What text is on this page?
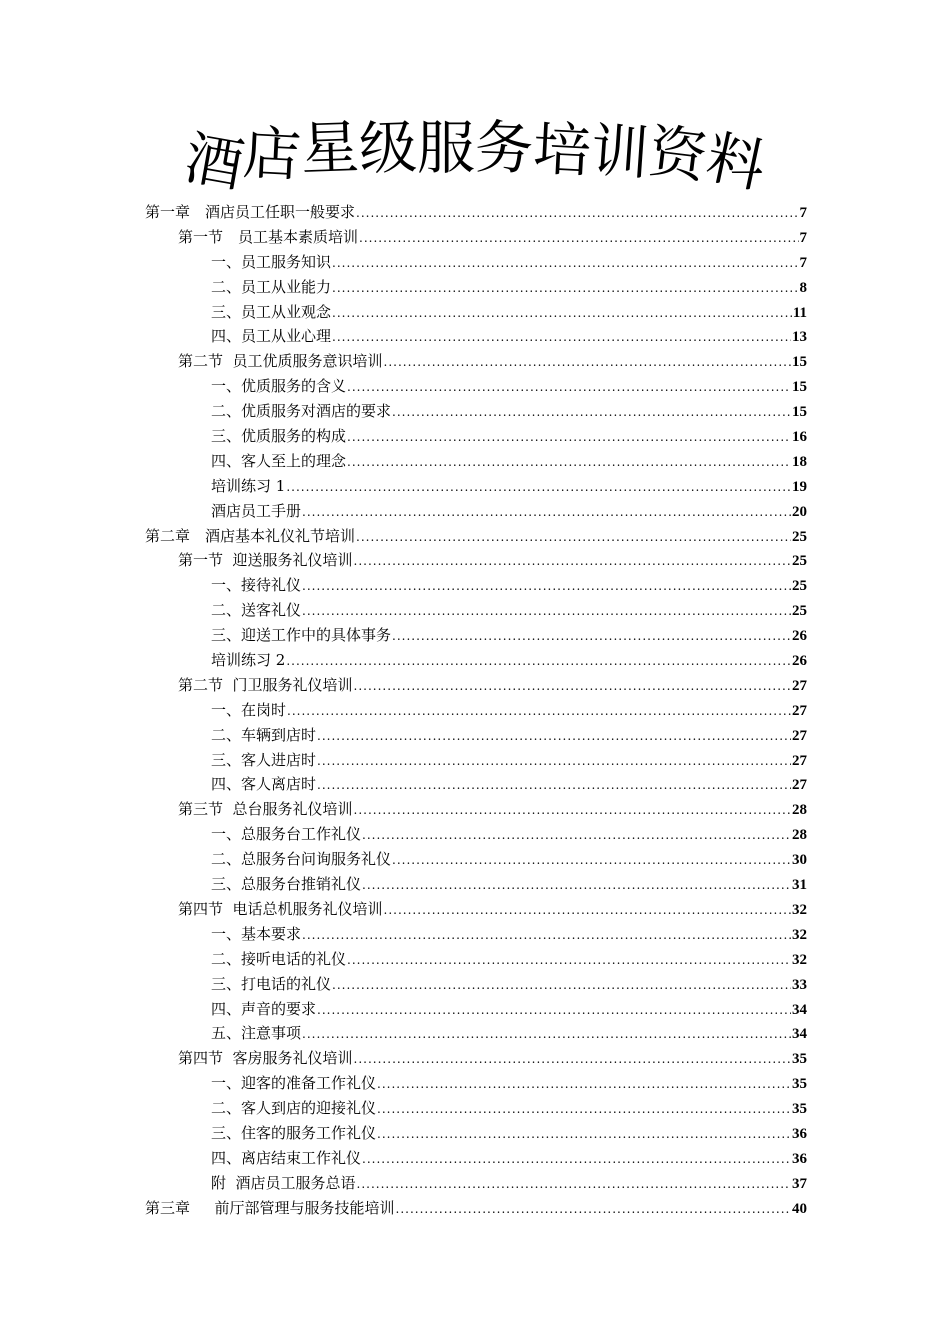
酒
店
星
级
服
务
培
训
资
料
第一章　酒店员工任职一般要求 .....	7
第一节　员工基本素质培训 .....	7
一、员工服务知识 .....	7
二、员工从业能力 .....	8
三、员工从业观念 .....	11
四、员工从业心理 .....	13
第二节  员工优质服务意识培训 .....	15
一、优质服务的含义 .....	15
二、优质服务对酒店的要求 .....	15
三、优质服务的构成 .....	16
四、客人至上的理念 .....	18
培训练习 1 .....	19
酒店员工手册 .....	20
第二章　酒店基本礼仪礼节培训 .....	25
第一节  迎送服务礼仪培训 .....	25
一、接待礼仪 .....	25
二、送客礼仪 .....	25
三、迎送工作中的具体事务 .....	26
培训练习 2 .....	26
第二节  门卫服务礼仪培训 .....	27
一、在岗时 .....	27
二、车辆到店时 .....	27
三、客人进店时 .....	27
四、客人离店时 .....	27
第三节  总台服务礼仪培训 .....	28
一、总服务台工作礼仪 .....	28
二、总服务台问询服务礼仪 .....	30
三、总服务台推销礼仪 .....	31
第四节  电话总机服务礼仪培训 .....	32
一、基本要求 .....	32
二、接听电话的礼仪 .....	32
三、打电话的礼仪 .....	33
四、声音的要求 .....	34
五、注意事项 .....	34
第四节  客房服务礼仪培训 .....	35
一、迎客的准备工作礼仪 .....	35
二、客人到店的迎接礼仪 .....	35
三、住客的服务工作礼仪 .....	36
四、离店结束工作礼仪 .....	36
附  酒店员工服务总语 .....	37
第三章　  前厅部管理与服务技能培训 .....	40
